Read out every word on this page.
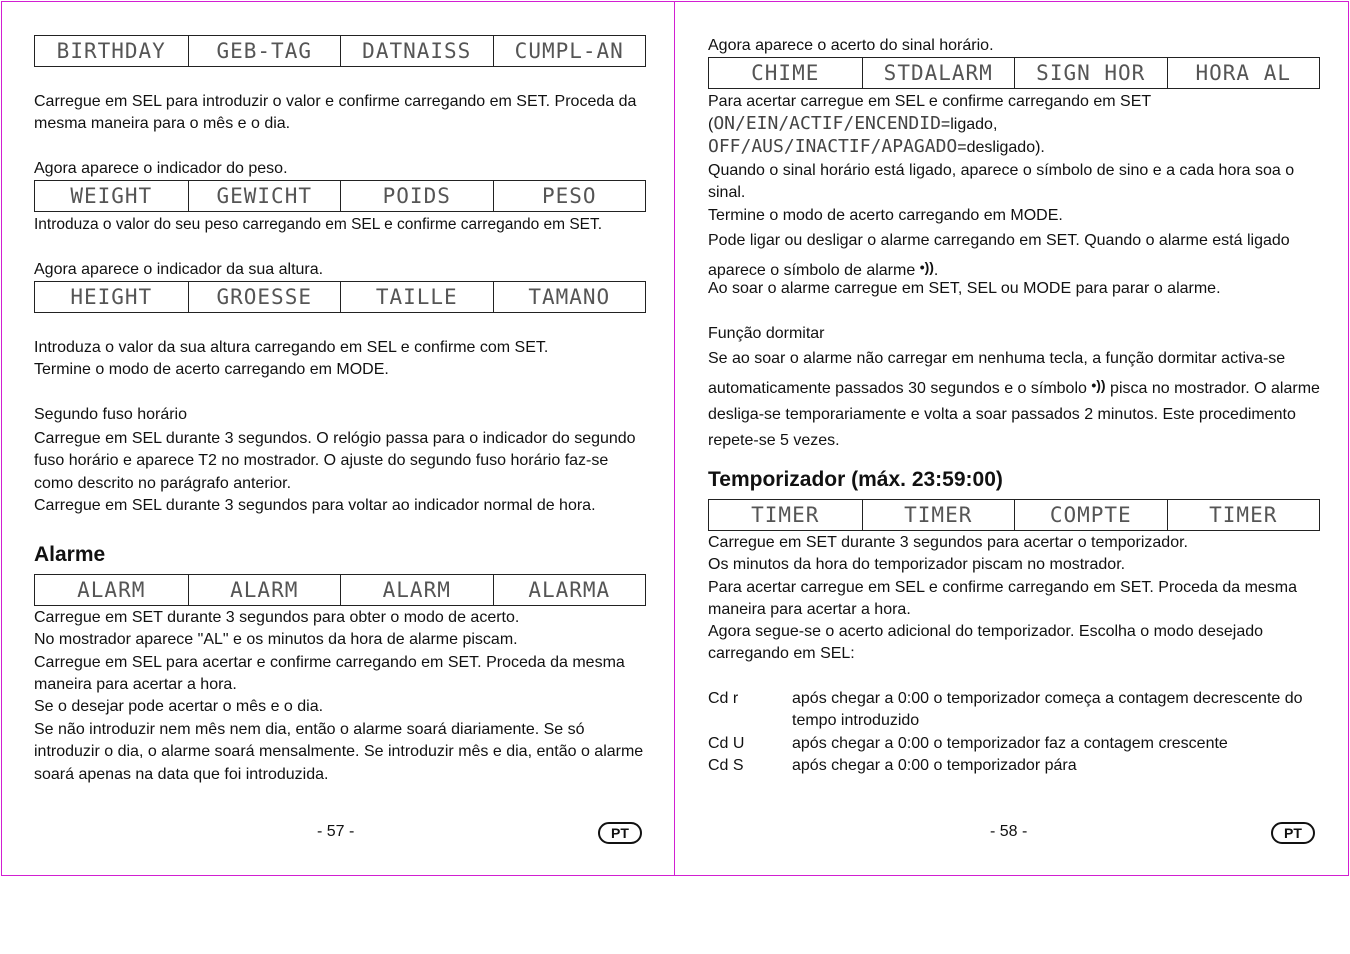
BIRTHDAY	GEB-TAG	DATNAISS	CUMPL-AN

Carregue em SEL para introduzir o valor e confirme carregando em SET. Proceda da mesma maneira para o mês e o dia.

Agora aparece o indicador do peso.

WEIGHT	GEWICHT	POIDS	PESO

Introduza o valor do seu peso carregando em SEL e confirme carregando em SET.

Agora aparece o indicador da sua altura.

HEIGHT	GROESSE	TAILLE	TAMANO

Introduza o valor da sua altura carregando em SEL e confirme com SET.

Termine o modo de acerto carregando em MODE.

Segundo fuso horário

Carregue em SEL durante 3 segundos. O relógio passa para o indicador do segundo fuso horário e aparece T2 no mostrador. O ajuste do segundo fuso horário faz-se como descrito no parágrafo anterior.

Carregue em SEL durante 3 segundos para voltar ao indicador normal de hora.

Alarme
ALARM	ALARM	ALARM	ALARMA

Carregue em SET durante 3 segundos para obter o modo de acerto.

No mostrador aparece "AL" e os minutos da hora de alarme piscam.

Carregue em SEL para acertar e confirme carregando em SET. Proceda da mesma maneira para acertar a hora.

Se o desejar pode acertar o mês e o dia.

Se não introduzir nem mês nem dia, então o alarme soará diariamente. Se só introduzir o dia, o alarme soará mensalmente. Se introduzir mês e dia, então o alarme soará apenas na data que foi introduzida.

- 57 -	PT

Agora aparece o acerto do sinal horário.

CHIME	STDALARM	SIGN HOR	HORA AL

Para acertar carregue em SEL e confirme carregando em SET

(ON/EIN/ACTIF/ENCENDID=ligado,

OFF/AUS/INACTIF/APAGADO=desligado).

Quando o sinal horário está ligado, aparece o símbolo de sino e a cada hora soa o sinal.

Termine o modo de acerto carregando em MODE.

Pode ligar ou desligar o alarme carregando em SET. Quando o alarme está ligado aparece o símbolo de alarme •)).

Ao soar o alarme carregue em SET, SEL ou MODE para parar o alarme.

Função dormitar

Se ao soar o alarme não carregar em nenhuma tecla, a função dormitar activa-se automaticamente passados 30 segundos e o símbolo •)) pisca no mostrador. O alarme desliga-se temporariamente e volta a soar passados 2 minutos. Este procedimento repete-se 5 vezes.

Temporizador (máx. 23:59:00)
TIMER	TIMER	COMPTE	TIMER

Carregue em SET durante 3 segundos para acertar o temporizador.

Os minutos da hora do temporizador piscam no mostrador.

Para acertar carregue em SEL e confirme carregando em SET. Proceda da mesma maneira para acertar a hora.

Agora segue-se o acerto adicional do temporizador. Escolha o modo desejado carregando em SEL:

Cd r	após chegar a 0:00 o temporizador começa a contagem decrescente do tempo introduzido

Cd U	após chegar a 0:00 o temporizador faz a contagem crescente

Cd S	após chegar a 0:00 o temporizador pára

- 58 -	PT
